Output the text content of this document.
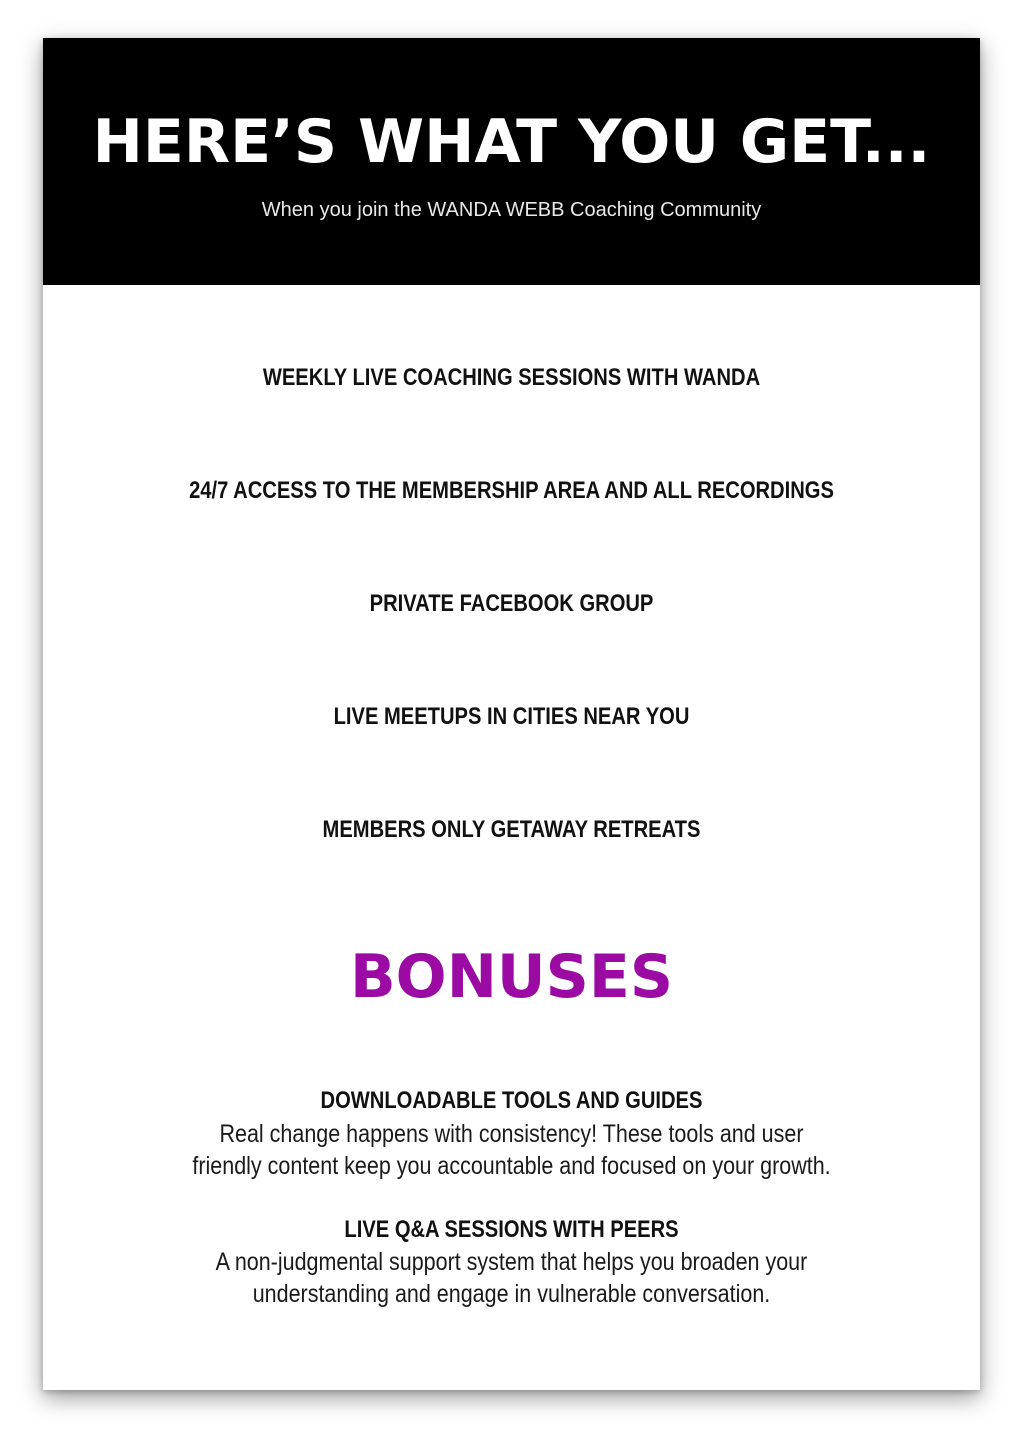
HERE’S WHAT YOU GET...

When you join the WANDA WEBB Coaching Community

WEEKLY LIVE COACHING SESSIONS WITH WANDA

24/7 ACCESS TO THE MEMBERSHIP AREA AND ALL RECORDINGS

PRIVATE FACEBOOK GROUP

LIVE MEETUPS IN CITIES NEAR YOU

MEMBERS ONLY GETAWAY RETREATS

BONUSES

DOWNLOADABLE TOOLS AND GUIDES

Real change happens with consistency! These tools and user

friendly content keep you accountable and focused on your growth.

LIVE Q&A SESSIONS WITH PEERS

A non-judgmental support system that helps you broaden your

understanding and engage in vulnerable conversation.
